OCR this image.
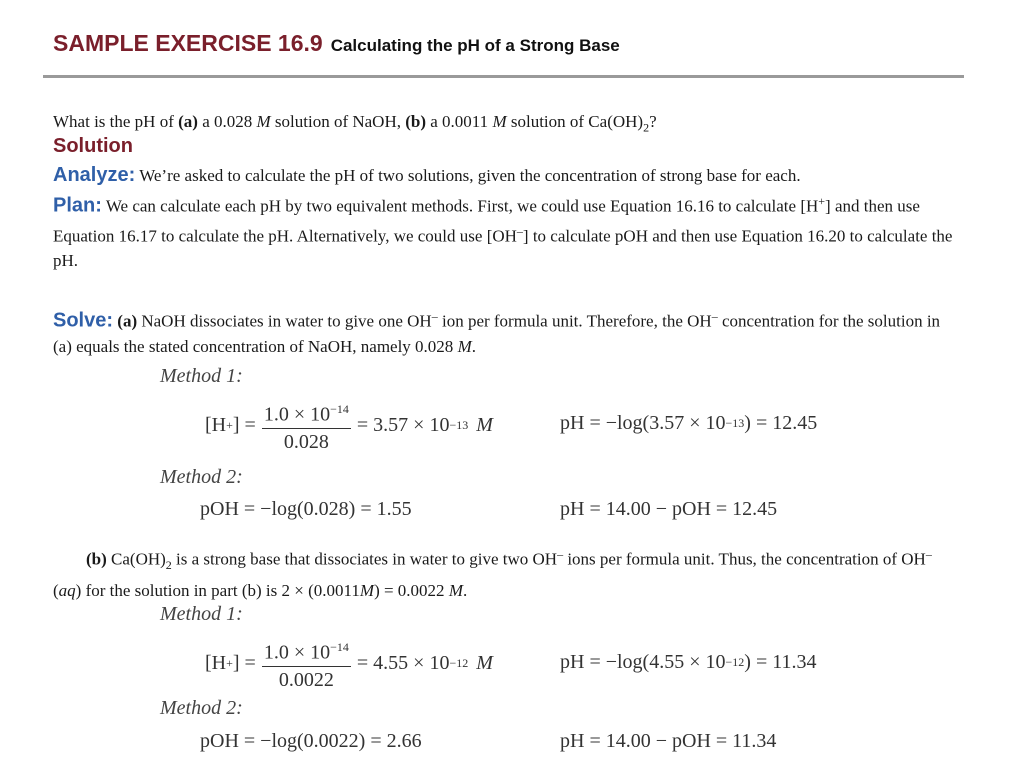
SAMPLE EXERCISE 16.9 Calculating the pH of a Strong Base
What is the pH of (a) a 0.028 M solution of NaOH, (b) a 0.0011 M solution of $Ca(OH)_2$?
Solution
Analyze: We’re asked to calculate the pH of two solutions, given the concentration of strong base for each.
Plan: We can calculate each pH by two equivalent methods. First, we could use Equation 16.16 to calculate [H+] and then use Equation 16.17 to calculate the pH. Alternatively, we could use [OH–] to calculate pOH and then use Equation 16.20 to calculate the pH.
Solve: (a) NaOH dissociates in water to give one OH– ion per formula unit. Therefore, the OH– concentration for the solution in (a) equals the stated concentration of NaOH, namely 0.028 M.
Method 1:
[H + ] = $\frac{1.0 \times 10^{-14}}{0.028} = 3.57 \times 10 -13$ M	pH = −log(3.57 × 10 −13 ) = 12.45
Method 2:
pOH = −log(0.028) = 1.55	pH = 14.00 − pOH = 12.45
(b) $Ca(OH)_2$ is a strong base that dissociates in water to give two OH– ions per formula unit. Thus, the concentration of OH–(aq) for the solution in part (b) is 2 × (0.0011M) = 0.0022 M.
Method 1:
[H + ] = $\frac{1.0 \times 10^{-14}}{0.0022} = 4.55 \times 10 -12$ M	pH = −log(4.55 × 10 −12 ) = 11.34
Method 2:
pOH = −log(0.0022) = 2.66	pH = 14.00 − pOH = 11.34
